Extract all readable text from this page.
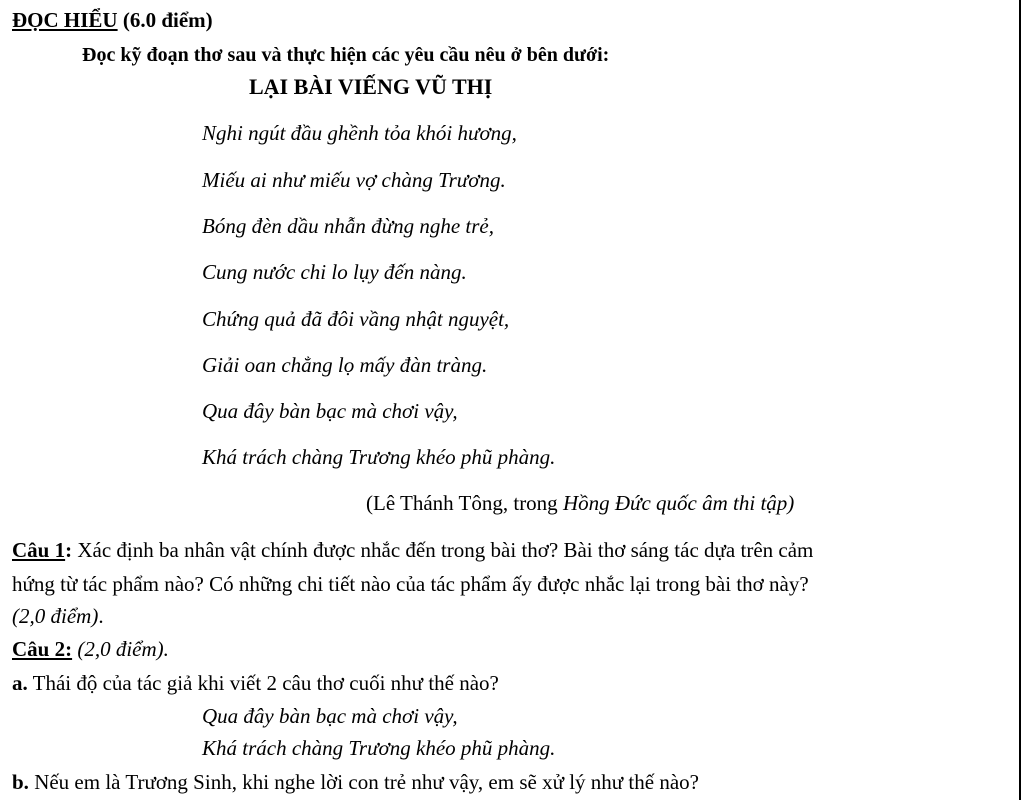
ĐỌC HIỂU (6.0 điểm)
Đọc kỹ đoạn thơ sau và thực hiện các yêu cầu nêu ở bên dưới:
LẠI BÀI VIẾNG VŨ THỊ
Nghi ngút đầu ghềnh tỏa khói hương,
Miếu ai như miếu vợ chàng Trương.
Bóng đèn dầu nhẫn đừng nghe trẻ,
Cung nước chi lo lụy đến nàng.
Chứng quả đã đôi vầng nhật nguyệt,
Giải oan chẳng lọ mấy đàn tràng.
Qua đây bàn bạc mà chơi vậy,
Khá trách chàng Trương khéo phũ phàng.
(Lê Thánh Tông, trong Hồng Đức quốc âm thi tập)
Câu 1: Xác định ba nhân vật chính được nhắc đến trong bài thơ? Bài thơ sáng tác dựa trên cảm
hứng từ tác phẩm nào? Có những chi tiết nào của tác phẩm ấy được nhắc lại trong bài thơ này?
(2,0 điểm).
Câu 2: (2,0 điểm).
a. Thái độ của tác giả khi viết 2 câu thơ cuối như thế nào?
Qua đây bàn bạc mà chơi vậy,
Khá trách chàng Trương khéo phũ phàng.
b. Nếu em là Trương Sinh, khi nghe lời con trẻ như vậy, em sẽ xử lý như thế nào?
